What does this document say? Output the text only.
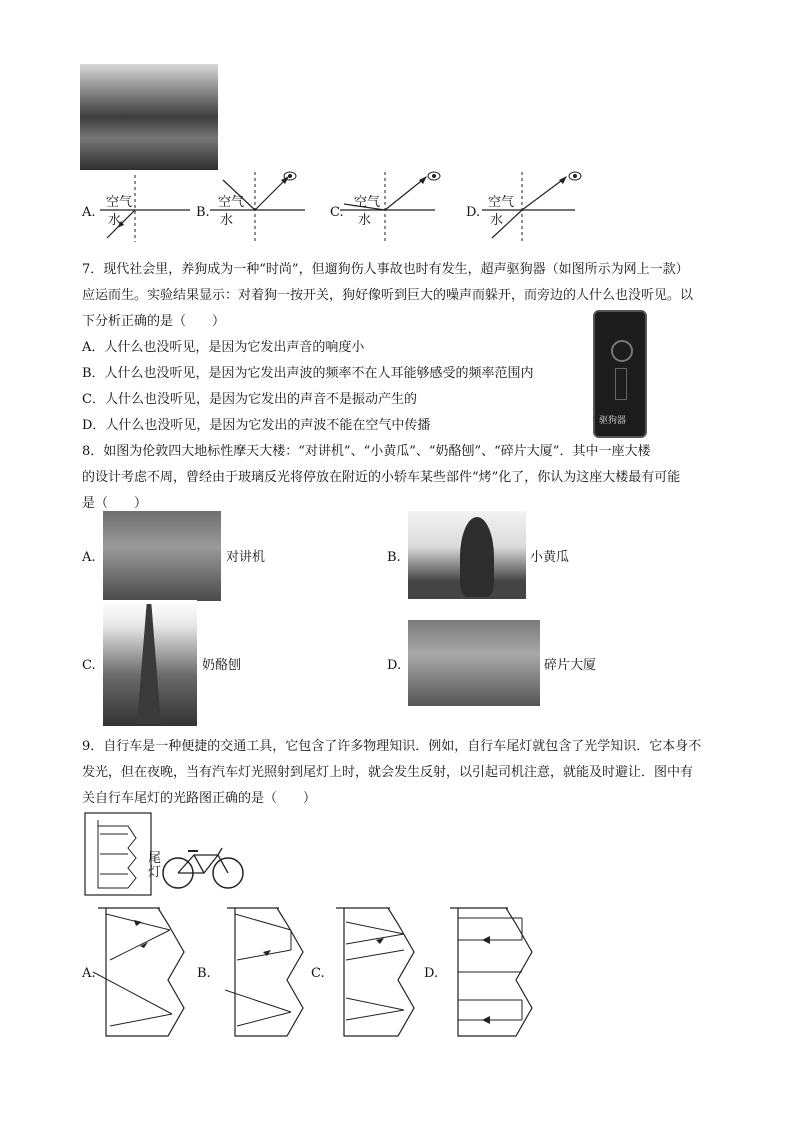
A.
空气
水
B.
空气
水
C.
空气
水
D.
空气
水
7．现代社会里，养狗成为一种“时尚”，但遛狗伤人事故也时有发生，超声驱狗器（如图所示为网上一款）
应运而生。实验结果显示：对着狗一按开关，狗好像听到巨大的噪声而躲开，而旁边的人什么也没听见。以
下分析正确的是（　　）
A．人什么也没听见，是因为它发出声音的响度小
B．人什么也没听见，是因为它发出声波的频率不在人耳能够感受的频率范围内
C．人什么也没听见，是因为它发出的声音不是振动产生的
D．人什么也没听见，是因为它发出的声波不能在空气中传播	驱狗器
8．如图为伦敦四大地标性摩天大楼：“对讲机”、“小黄瓜”、“奶酪刨”、“碎片大厦”．其中一座大楼
的设计考虑不周，曾经由于玻璃反光将停放在附近的小轿车某些部件“烤”化了，你认为这座大楼最有可能
是（　　）
A.	对讲机	B.	小黄瓜
C.	奶酪刨	D.	碎片大厦
9．自行车是一种便捷的交通工具，它包含了许多物理知识．例如，自行车尾灯就包含了光学知识．它本身不
发光，但在夜晚，当有汽车灯光照射到尾灯上时，就会发生反射，以引起司机注意，就能及时避让．图中有
关自行车尾灯的光路图正确的是（　　）
尾灯
A.	B.	C.	D.
